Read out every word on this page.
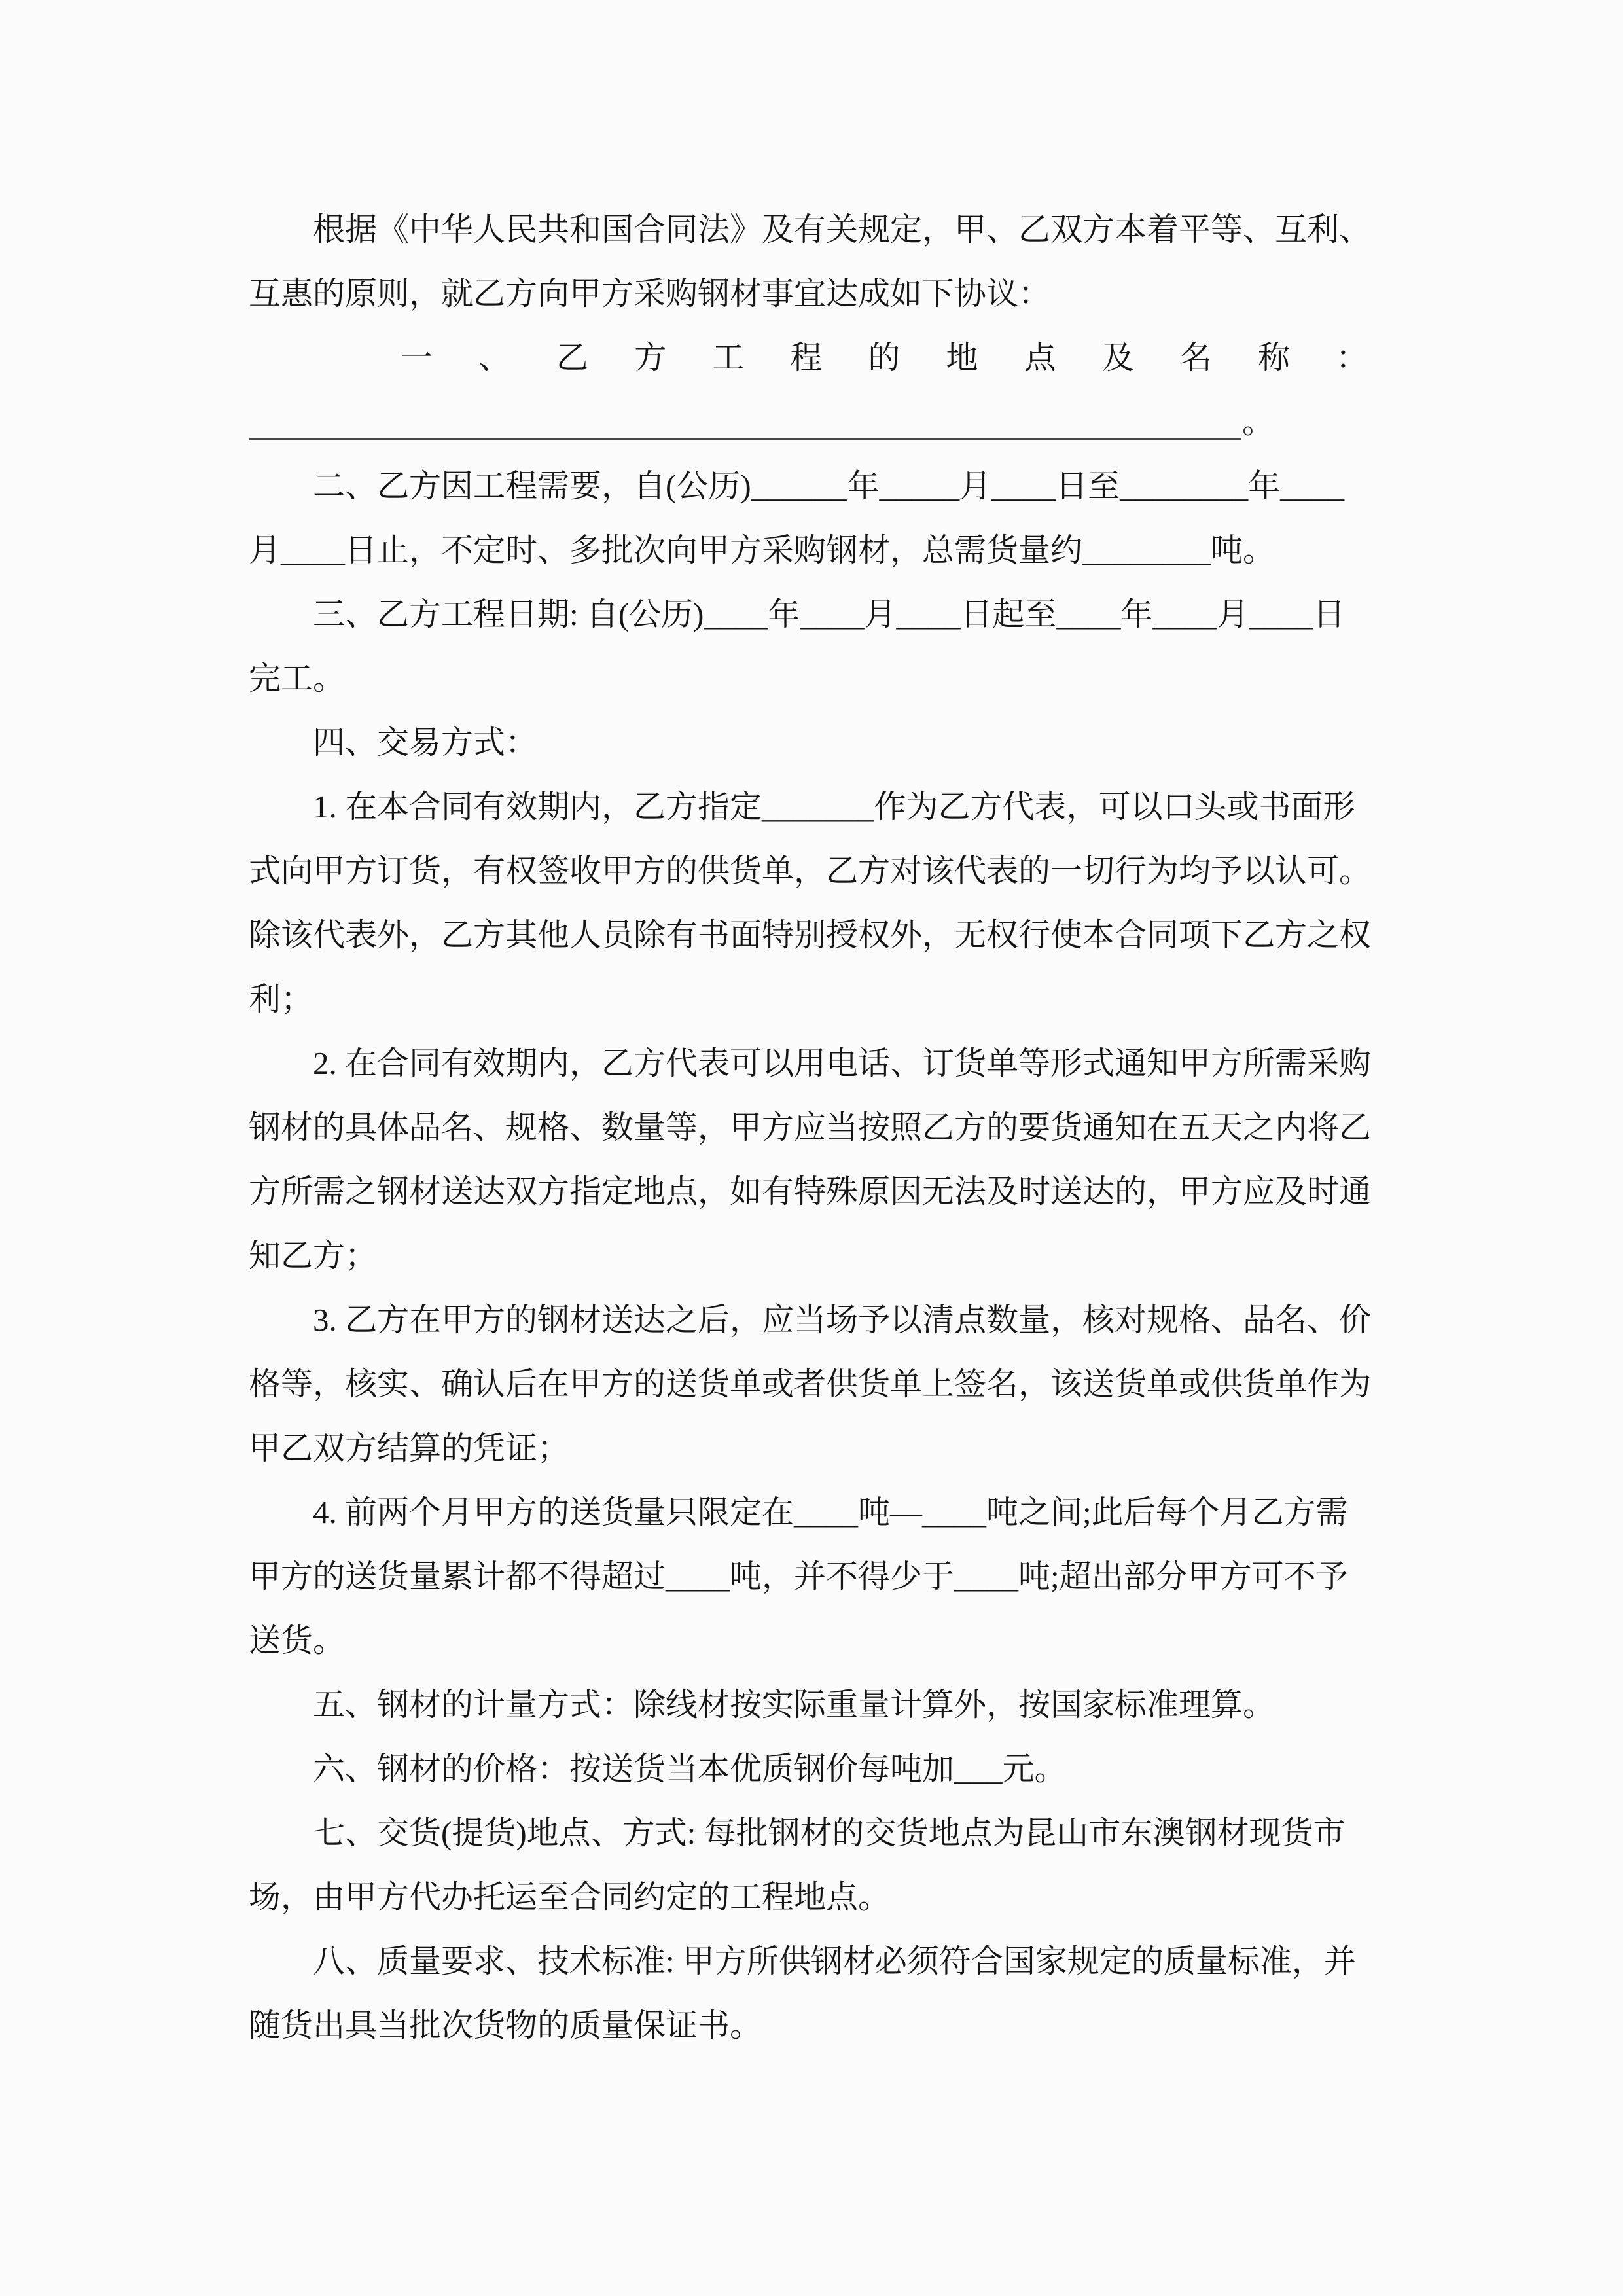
根据《中华人民共和国合同法》及有关规定，甲、乙双方本着平等、互利、
互惠的原则，就乙方向甲方采购钢材事宜达成如下协议：
一 、 乙 方 工 程 的 地 点 及 名 称 ：
。
二、乙方因工程需要，自(公历)______年_____月____日至________年____
月____日止，不定时、多批次向甲方采购钢材，总需货量约________吨。
三、乙方工程日期: 自(公历)____年____月____日起至____年____月____日
完工。
四、交易方式：
1. 在本合同有效期内，乙方指定_______作为乙方代表，可以口头或书面形
式向甲方订货，有权签收甲方的供货单，乙方对该代表的一切行为均予以认可。
除该代表外，乙方其他人员除有书面特别授权外，无权行使本合同项下乙方之权
利；
2. 在合同有效期内，乙方代表可以用电话、订货单等形式通知甲方所需采购
钢材的具体品名、规格、数量等，甲方应当按照乙方的要货通知在五天之内将乙
方所需之钢材送达双方指定地点，如有特殊原因无法及时送达的，甲方应及时通
知乙方；
3. 乙方在甲方的钢材送达之后，应当场予以清点数量，核对规格、品名、价
格等，核实、确认后在甲方的送货单或者供货单上签名，该送货单或供货单作为
甲乙双方结算的凭证；
4. 前两个月甲方的送货量只限定在____吨—____吨之间;此后每个月乙方需
甲方的送货量累计都不得超过____吨，并不得少于____吨;超出部分甲方可不予
送货。
五、钢材的计量方式：除线材按实际重量计算外，按国家标准理算。
六、钢材的价格：按送货当本优质钢价每吨加___元。
七、交货(提货)地点、方式: 每批钢材的交货地点为昆山市东澳钢材现货市
场，由甲方代办托运至合同约定的工程地点。
八、质量要求、技术标准: 甲方所供钢材必须符合国家规定的质量标准，并
随货出具当批次货物的质量保证书。
